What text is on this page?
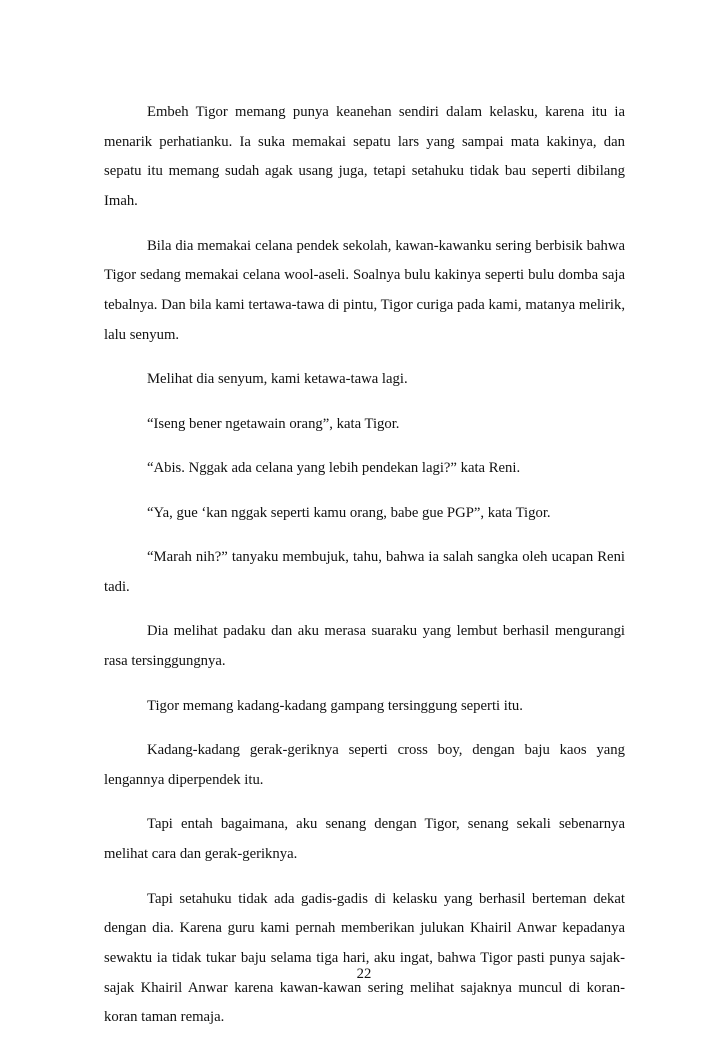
Embeh Tigor memang punya keanehan sendiri dalam kelasku, karena itu ia menarik perhatianku. Ia suka memakai sepatu lars yang sampai mata kakinya, dan sepatu itu memang sudah agak usang juga, tetapi setahuku tidak bau seperti dibilang Imah.

Bila dia memakai celana pendek sekolah, kawan-kawanku sering berbisik bahwa Tigor sedang memakai celana wool-aseli. Soalnya bulu kakinya seperti bulu domba saja tebalnya. Dan bila kami tertawa-tawa di pintu, Tigor curiga pada kami, matanya melirik, lalu senyum.

Melihat dia senyum, kami ketawa-tawa lagi.

“Iseng bener ngetawain orang”, kata Tigor.

“Abis. Nggak ada celana yang lebih pendekan lagi?” kata Reni.

“Ya, gue ‘kan nggak seperti kamu orang, babe gue PGP”, kata Tigor.

“Marah nih?” tanyaku membujuk, tahu, bahwa ia salah sangka oleh ucapan Reni tadi.

Dia melihat padaku dan aku merasa suaraku yang lembut berhasil mengurangi rasa tersinggungnya.

Tigor memang kadang-kadang gampang tersinggung seperti itu.

Kadang-kadang gerak-geriknya seperti cross boy, dengan baju kaos yang lengannya diperpendek itu.

Tapi entah bagaimana, aku senang dengan Tigor, senang sekali sebenarnya melihat cara dan gerak-geriknya.

Tapi setahuku tidak ada gadis-gadis di kelasku yang berhasil berteman dekat dengan dia. Karena guru kami pernah memberikan julukan Khairil Anwar kepadanya sewaktu ia tidak tukar baju selama tiga hari, aku ingat, bahwa Tigor pasti punya sajak-sajak Khairil Anwar karena kawan-kawan sering melihat sajaknya muncul di koran-koran taman remaja.

22
